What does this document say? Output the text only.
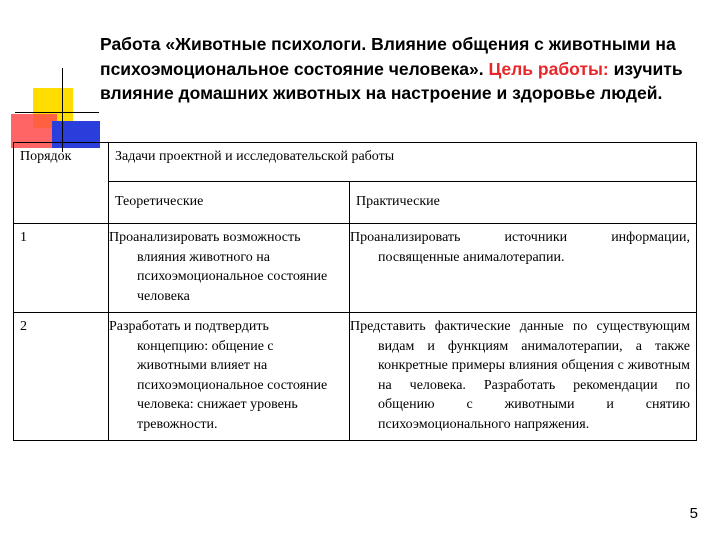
Работа «Животные психологи. Влияние общения с животными на психоэмоциональное состояние человека». Цель работы: изучить влияние домашних животных на настроение и здоровье людей.
Порядок	Задачи проектной и исследовательской работы	
	Теоретические	Практические
1	Проанализировать возможность влияния животного на психоэмоциональное состояние человека	Проанализировать источники информации, посвященные анималотерапии.
2	Разработать и подтвердить концепцию: общение с животными влияет на психоэмоциональное состояние человека: снижает уровень тревожности.	Представить фактические данные по существующим видам и функциям анималотерапии, а также конкретные примеры влияния общения с животным на человека. Разработать рекомендации по общению с животными и снятию психоэмоционального напряжения.
5
